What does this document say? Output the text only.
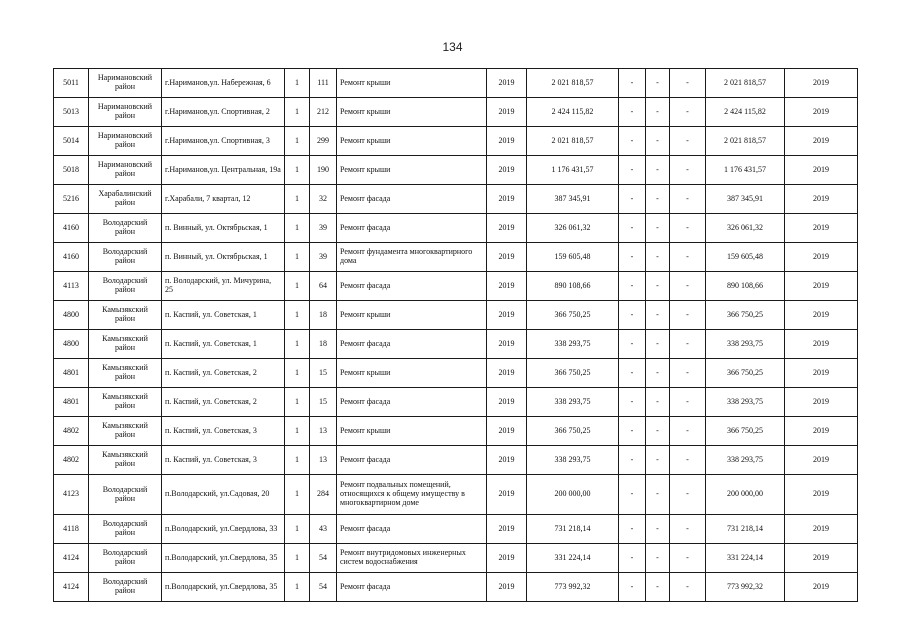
134
5011	Наримановский район	г.Нариманов,ул. Набережная, 6	1	111	Ремонт крыши	2019	2 021 818,57	-	-	-	2 021 818,57	2019
5013	Наримановский район	г.Нариманов,ул. Спортивная, 2	1	212	Ремонт крыши	2019	2 424 115,82	-	-	-	2 424 115,82	2019
5014	Наримановский район	г.Нариманов,ул. Спортивная, 3	1	299	Ремонт крыши	2019	2 021 818,57	-	-	-	2 021 818,57	2019
5018	Наримановский район	г.Нариманов,ул. Центральная, 19а	1	190	Ремонт крыши	2019	1 176 431,57	-	-	-	1 176 431,57	2019
5216	Харабалинский район	г.Харабали, 7 квартал, 12	1	32	Ремонт фасада	2019	387 345,91	-	-	-	387 345,91	2019
4160	Володарский район	п. Винный, ул. Октябрьская, 1	1	39	Ремонт фасада	2019	326 061,32	-	-	-	326 061,32	2019
4160	Володарский район	п. Винный, ул. Октябрьская, 1	1	39	Ремонт фундамента многоквартирного дома	2019	159 605,48	-	-	-	159 605,48	2019
4113	Володарский район	п. Володарский, ул. Мичурина, 25	1	64	Ремонт фасада	2019	890 108,66	-	-	-	890 108,66	2019
4800	Камызякский район	п. Каспий, ул. Советская, 1	1	18	Ремонт крыши	2019	366 750,25	-	-	-	366 750,25	2019
4800	Камызякский район	п. Каспий, ул. Советская, 1	1	18	Ремонт фасада	2019	338 293,75	-	-	-	338 293,75	2019
4801	Камызякский район	п. Каспий, ул. Советская, 2	1	15	Ремонт крыши	2019	366 750,25	-	-	-	366 750,25	2019
4801	Камызякский район	п. Каспий, ул. Советская, 2	1	15	Ремонт фасада	2019	338 293,75	-	-	-	338 293,75	2019
4802	Камызякский район	п. Каспий, ул. Советская, 3	1	13	Ремонт крыши	2019	366 750,25	-	-	-	366 750,25	2019
4802	Камызякский район	п. Каспий, ул. Советская, 3	1	13	Ремонт фасада	2019	338 293,75	-	-	-	338 293,75	2019
4123	Володарский район	п.Володарский, ул.Садовая, 20	1	284	Ремонт подвальных помещений, относящихся к общему имуществу в многоквартирном доме	2019	200 000,00	-	-	-	200 000,00	2019
4118	Володарский район	п.Володарский, ул.Свердлова, 33	1	43	Ремонт фасада	2019	731 218,14	-	-	-	731 218,14	2019
4124	Володарский район	п.Володарский, ул.Свердлова, 35	1	54	Ремонт внутридомовых инженерных систем водоснабжения	2019	331 224,14	-	-	-	331 224,14	2019
4124	Володарский район	п.Володарский, ул.Свердлова, 35	1	54	Ремонт фасада	2019	773 992,32	-	-	-	773 992,32	2019
